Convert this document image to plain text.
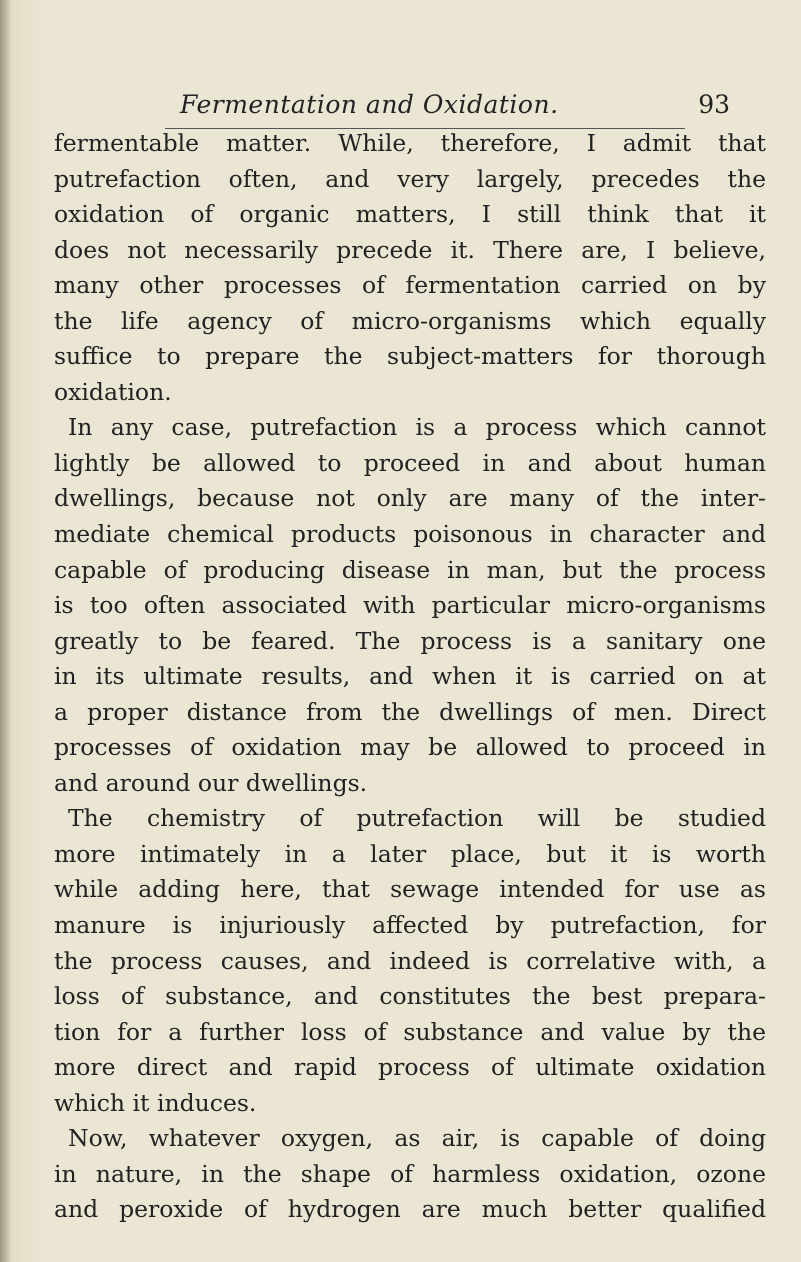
Fermentation and Oxidation.	93
fermentable matter. While, therefore, I admit that
putrefaction often, and very largely, precedes the
oxidation of organic matters, I still think that it
does not necessarily precede it. There are, I believe,
many other processes of fermentation carried on by
the life agency of micro-organisms which equally
suffice to prepare the subject-matters for thorough
oxidation.
In any case, putrefaction is a process which cannot
lightly be allowed to proceed in and about human
dwellings, because not only are many of the inter-
mediate chemical products poisonous in character and
capable of producing disease in man, but the process
is too often associated with particular micro-organisms
greatly to be feared. The process is a sanitary one
in its ultimate results, and when it is carried on at
a proper distance from the dwellings of men. Direct
processes of oxidation may be allowed to proceed in
and around our dwellings.
The chemistry of putrefaction will be studied
more intimately in a later place, but it is worth
while adding here, that sewage intended for use as
manure is injuriously affected by putrefaction, for
the process causes, and indeed is correlative with, a
loss of substance, and constitutes the best prepara-
tion for a further loss of substance and value by the
more direct and rapid process of ultimate oxidation
which it induces.
Now, whatever oxygen, as air, is capable of doing
in nature, in the shape of harmless oxidation, ozone
and peroxide of hydrogen are much better qualified
